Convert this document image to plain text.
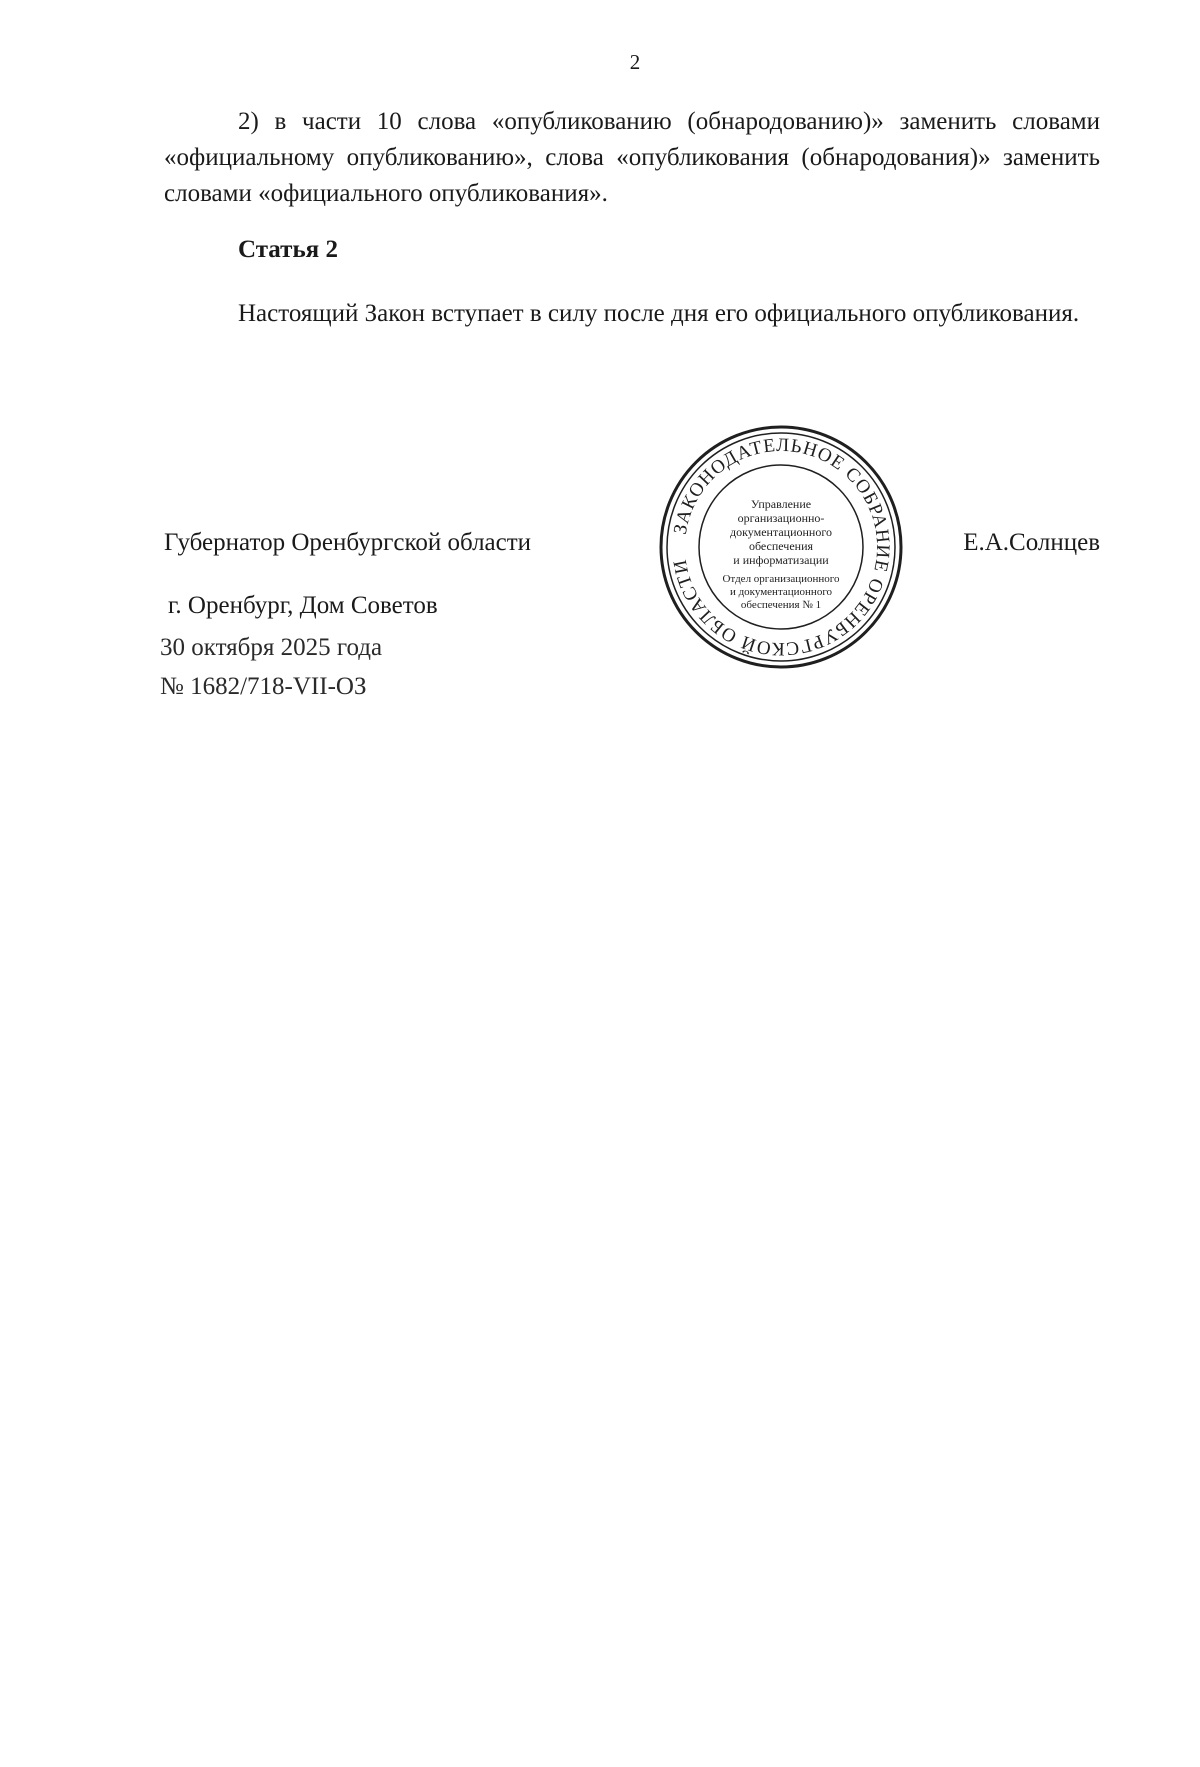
2

2) в части 10 слова «опубликованию (обнародованию)» заменить словами «официальному опубликованию», слова «опубликования (обнародования)» заменить словами «официального опубликования».

Статья 2

Настоящий Закон вступает в силу после дня его официального опубликования.

Губернатор Оренбургской области
ЗАКОНОДАТЕЛЬНОЕ СОБРАНИЕ ОРЕНБУРГСКОЙ ОБЛАСТИ
Управление
организационно-
документационного
обеспечения
и информатизации
Отдел организационного
и документационного
обеспечения № 1
Е.А.Солнцев
г. Оренбург, Дом Советов
30 октября 2025 года
№ 1682/718-VII-ОЗ
